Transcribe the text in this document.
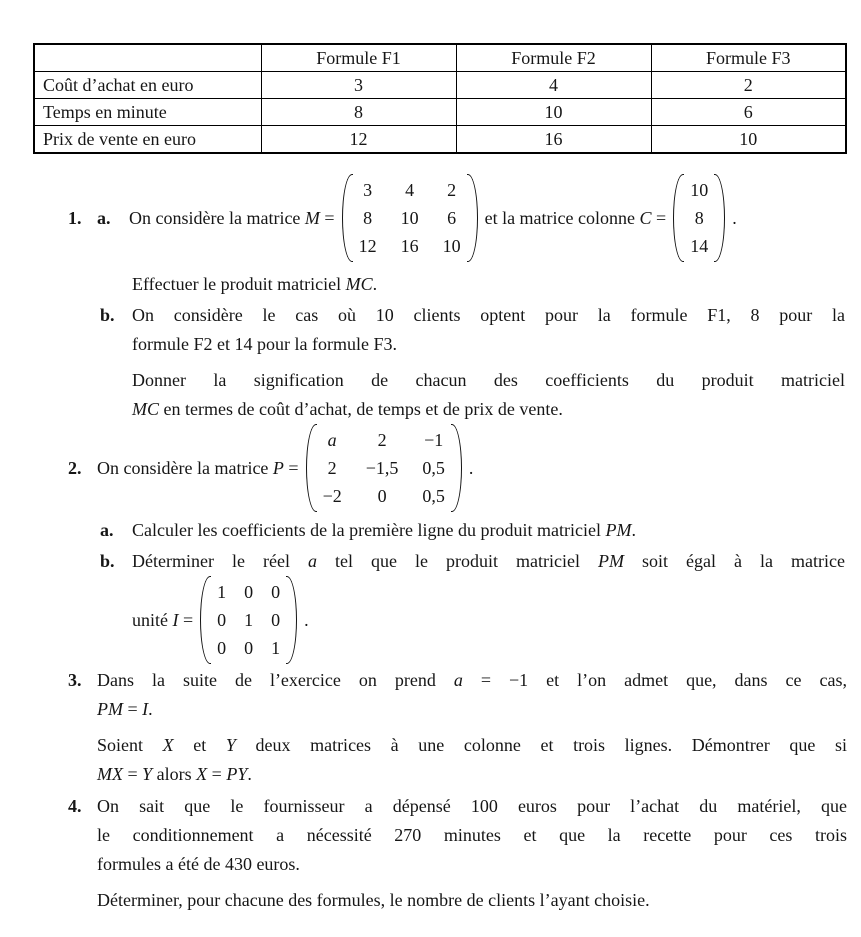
	Formule F1	Formule F2	Formule F3
Coût d’achat en euro	3	4	2
Temps en minute	8	10	6
Prix de vente en euro	12	16	10
1. a.	On considère la matrice M =
3 4 2
8 10 6
12 16 10
et la matrice colonne C =
10
8
14
.
Effectuer le produit matriciel MC.
b. On considère le cas où 10 clients optent pour la formule F1, 8 pour la
formule F2 et 14 pour la formule F3.
Donner la signification de chacun des coefficients du produit matriciel
MC en termes de coût d’achat, de temps et de prix de vente.
2. On considère la matrice P =
a	2	−1
2 −1,5 0,5
−2	0	0,5
.
a.	Calculer les coefficients de la première ligne du produit matriciel PM.
b. Déterminer le réel a tel que le produit matriciel PM soit égal à la matrice
unité I =
1 0 0
0 1 0
0 0 1
.
3. Dans la suite de l’exercice on prend a = −1 et l’on admet que, dans ce cas,
PM = I.
Soient X et Y deux matrices à une colonne et trois lignes. Démontrer que si
MX = Y alors X = PY.
4. On sait que le fournisseur a dépensé 100 euros pour l’achat du matériel, que
le conditionnement a nécessité 270 minutes et que la recette pour ces trois
formules a été de 430 euros.
Déterminer, pour chacune des formules, le nombre de clients l’ayant choisie.
